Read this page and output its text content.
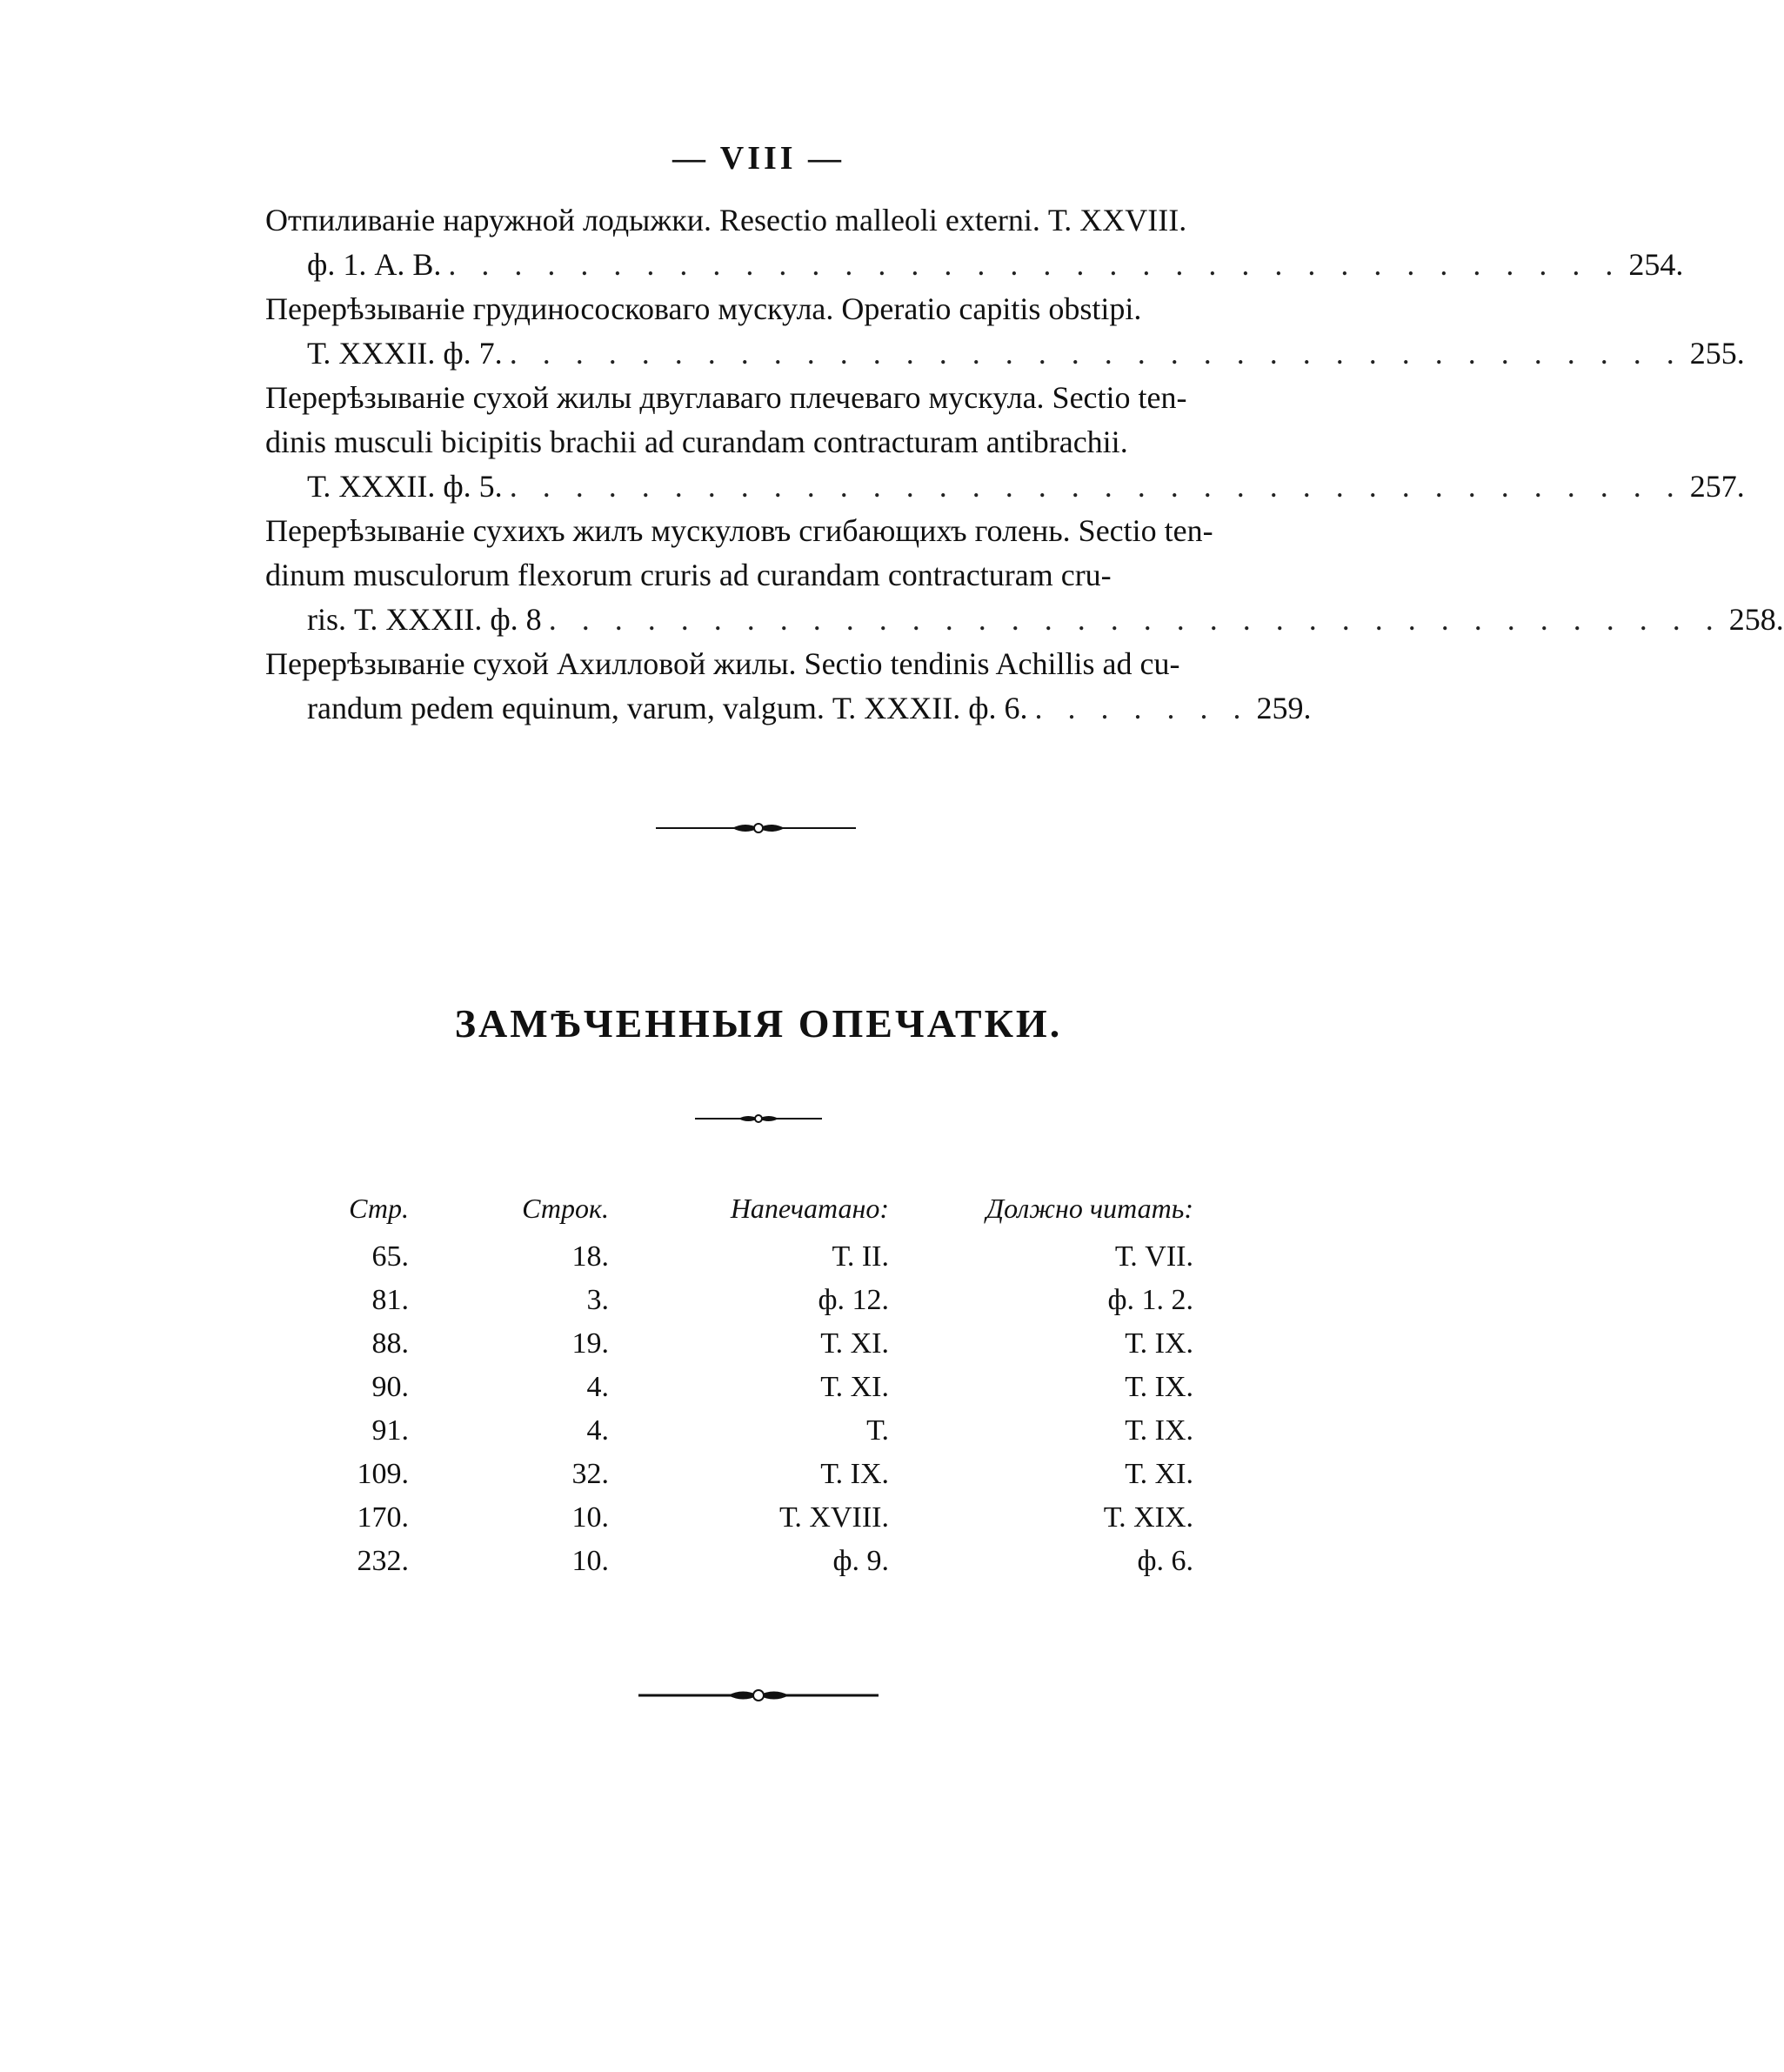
— VIII —
Отпиливаніе наружной лодыжки. Resectio malleoli externi. Т. XXVIII.
ф. 1. А. В. . . . . . . . . . . . . . . . . . . . . . . . . . . . . . . . . . . . . 254.
Перерѣзываніе грудинососковаго мускула. Operatio capitis obstipi.
Т. XXXII. ф. 7. . . . . . . . . . . . . . . . . . . . . . . . . . . . . . . . . . . . . 255.
Перерѣзываніе сухой жилы двуглаваго плечеваго мускула. Sectio ten-
dinis musculi bicipitis brachii ad curandam contracturam antibrachii.
Т. XXXII. ф. 5. . . . . . . . . . . . . . . . . . . . . . . . . . . . . . . . . . . . . 257.
Перерѣзываніе сухихъ жилъ мускуловъ сгибающихъ голень. Sectio ten-
dinum musculorum flexorum cruris ad curandam contracturam cru-
ris. Т. XXXII. ф. 8 . . . . . . . . . . . . . . . . . . . . . . . . . . . . . . . . . . . . 258.
Перерѣзываніе сухой Ахилловой жилы. Sectio tendinis Achillis ad cu-
randum pedem equinum, varum, valgum. Т. XXXII. ф. 6. . . . . . . . 259.
ЗАМѢЧЕННЫЯ ОПЕЧАТКИ.
Стр.	Строк.	Напечатано:	Должно читать:
65.	18.	Т. II.	Т. VII.
81.	3.	ф. 12.	ф. 1. 2.
88.	19.	Т. XI.	Т. IX.
90.	4.	Т. XI.	Т. IX.
91.	4.	Т.	Т. IX.
109.	32.	Т. IX.	Т. XI.
170.	10.	Т. XVIII.	Т. XIX.
232.	10.	ф. 9.	ф. 6.
